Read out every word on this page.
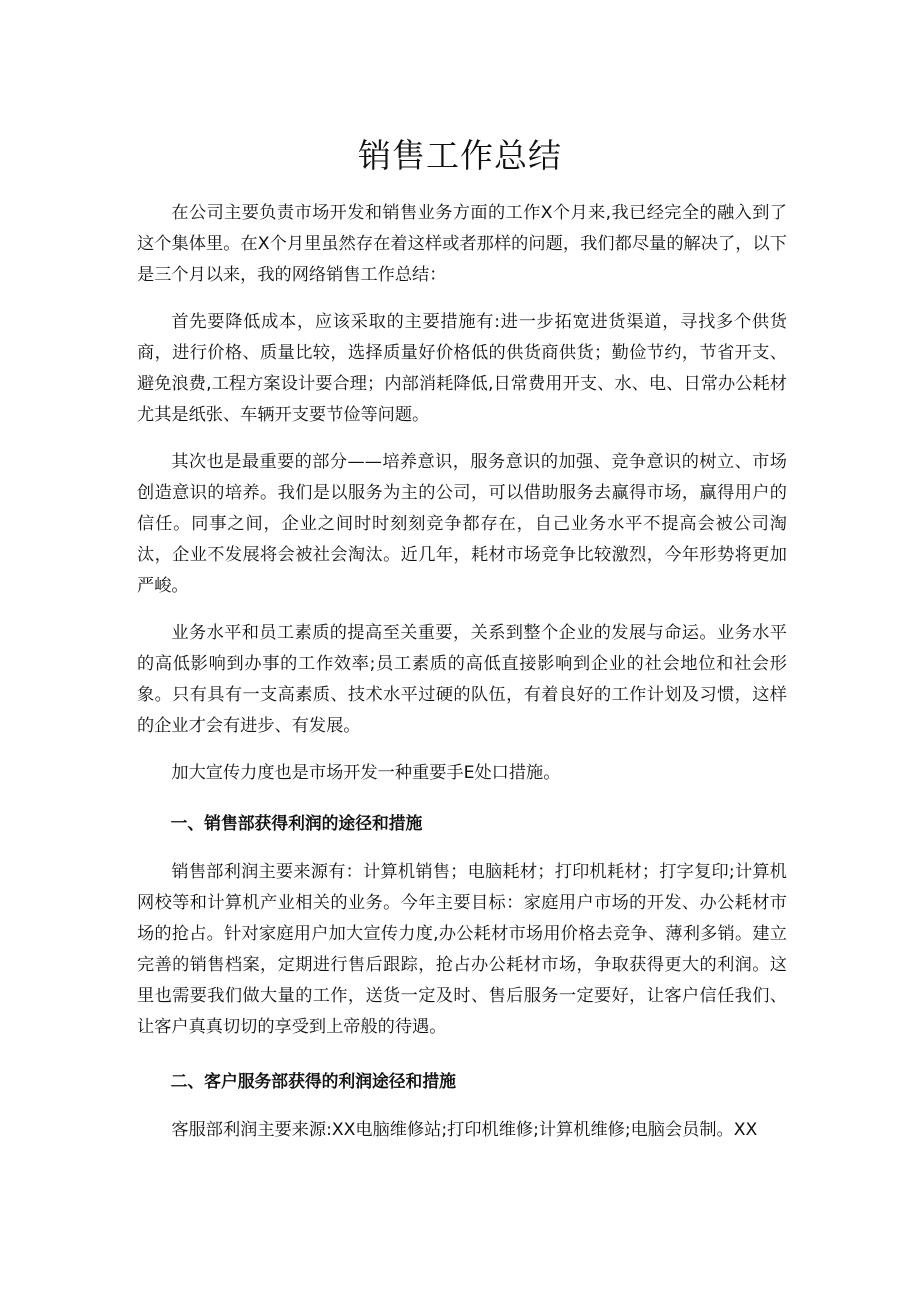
销售工作总结

在公司主要负责市场开发和销售业务方面的工作X个月来,我已经完全的融入到了这个集体里。在X个月里虽然存在着这样或者那样的问题，我们都尽量的解决了，以下是三个月以来，我的网络销售工作总结：

首先要降低成本，应该采取的主要措施有:进一步拓宽进货渠道，寻找多个供货商，进行价格、质量比较，选择质量好价格低的供货商供货；勤俭节约，节省开支、避免浪费,工程方案设计要合理；内部消耗降低,日常费用开支、水、电、日常办公耗材尤其是纸张、车辆开支要节俭等问题。

其次也是最重要的部分——培养意识，服务意识的加强、竞争意识的树立、市场创造意识的培养。我们是以服务为主的公司，可以借助服务去赢得市场，赢得用户的信任。同事之间，企业之间时时刻刻竞争都存在，自己业务水平不提高会被公司淘汰，企业不发展将会被社会淘汰。近几年，耗材市场竞争比较激烈，今年形势将更加严峻。

业务水平和员工素质的提高至关重要，关系到整个企业的发展与命运。业务水平的高低影响到办事的工作效率;员工素质的高低直接影响到企业的社会地位和社会形象。只有具有一支高素质、技术水平过硬的队伍，有着良好的工作计划及习惯，这样的企业才会有进步、有发展。

加大宣传力度也是市场开发一种重要手E处口措施。

一、销售部获得利润的途径和措施

销售部利润主要来源有：计算机销售；电脑耗材；打印机耗材；打字复印;计算机网校等和计算机产业相关的业务。今年主要目标：家庭用户市场的开发、办公耗材市场的抢占。针对家庭用户加大宣传力度,办公耗材市场用价格去竞争、薄利多销。建立完善的销售档案，定期进行售后跟踪，抢占办公耗材市场，争取获得更大的利润。这里也需要我们做大量的工作，送货一定及时、售后服务一定要好，让客户信任我们、让客户真真切切的享受到上帝般的待遇。

二、客户服务部获得的利润途径和措施

客服部利润主要来源:XX电脑维修站;打印机维修;计算机维修;电脑会员制。XX
